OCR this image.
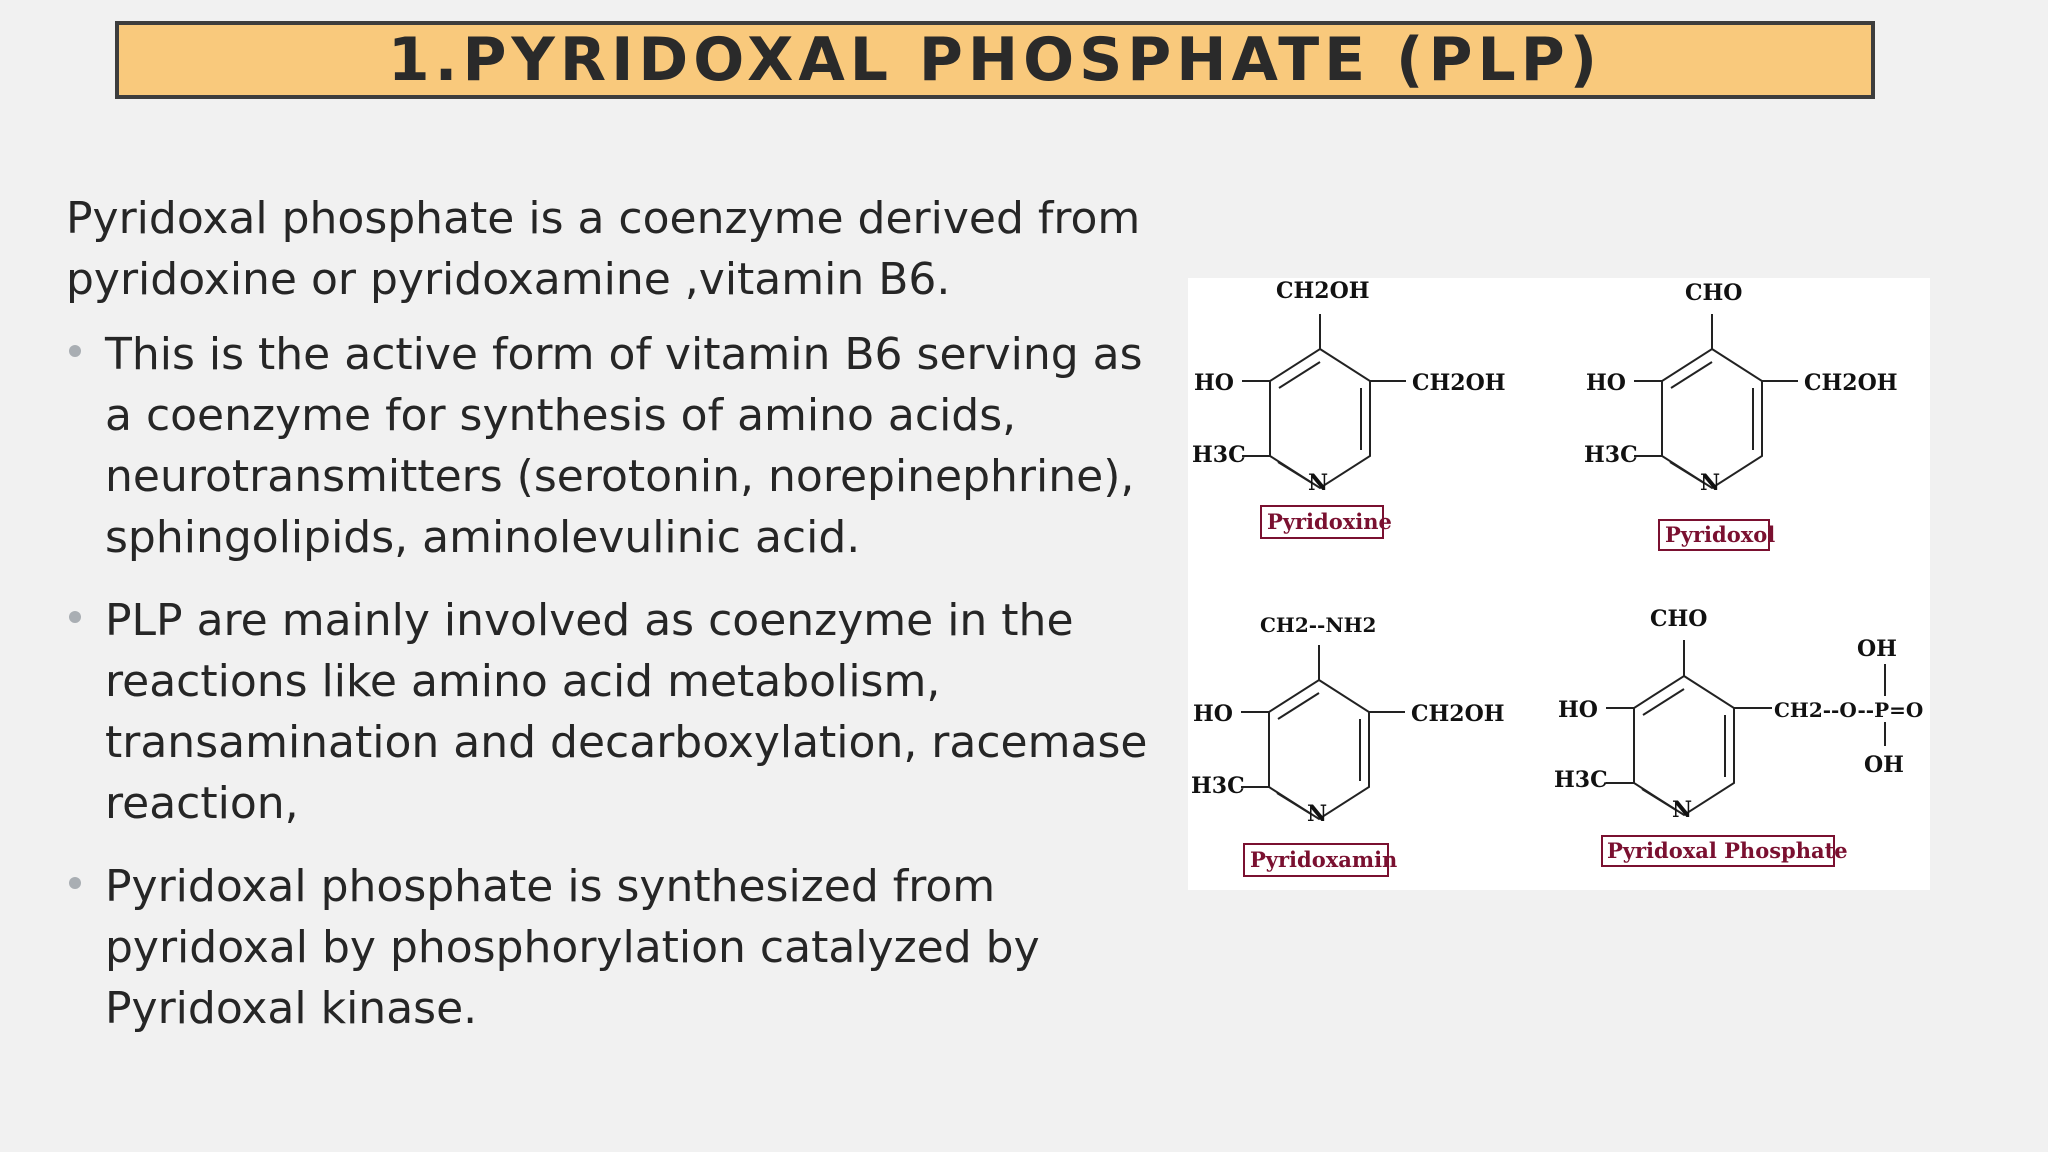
1.PYRIDOXAL PHOSPHATE (PLP)

Pyridoxal phosphate is a coenzyme derived from pyridoxine or pyridoxamine ,vitamin B6.

This is the active form of vitamin B6 serving as a coenzyme for synthesis of amino acids, neurotransmitters (serotonin, norepinephrine), sphingolipids, aminolevulinic acid.
PLP are mainly involved as coenzyme in the reactions like amino acid metabolism, transamination and decarboxylation, racemase reaction,
Pyridoxal phosphate is synthesized from pyridoxal by phosphorylation catalyzed by Pyridoxal kinase.
CH2OH
HO	CH2OH
H3C
N
Pyridoxine
CHO
HO	CH2OH
H3C
N
Pyridoxol
CH2--NH2
HO	CH2OH
H3C
N
Pyridoxamin
CHO
HO	CH2--O--P=O
OH
OH
H3C
N
Pyridoxal Phosphate
